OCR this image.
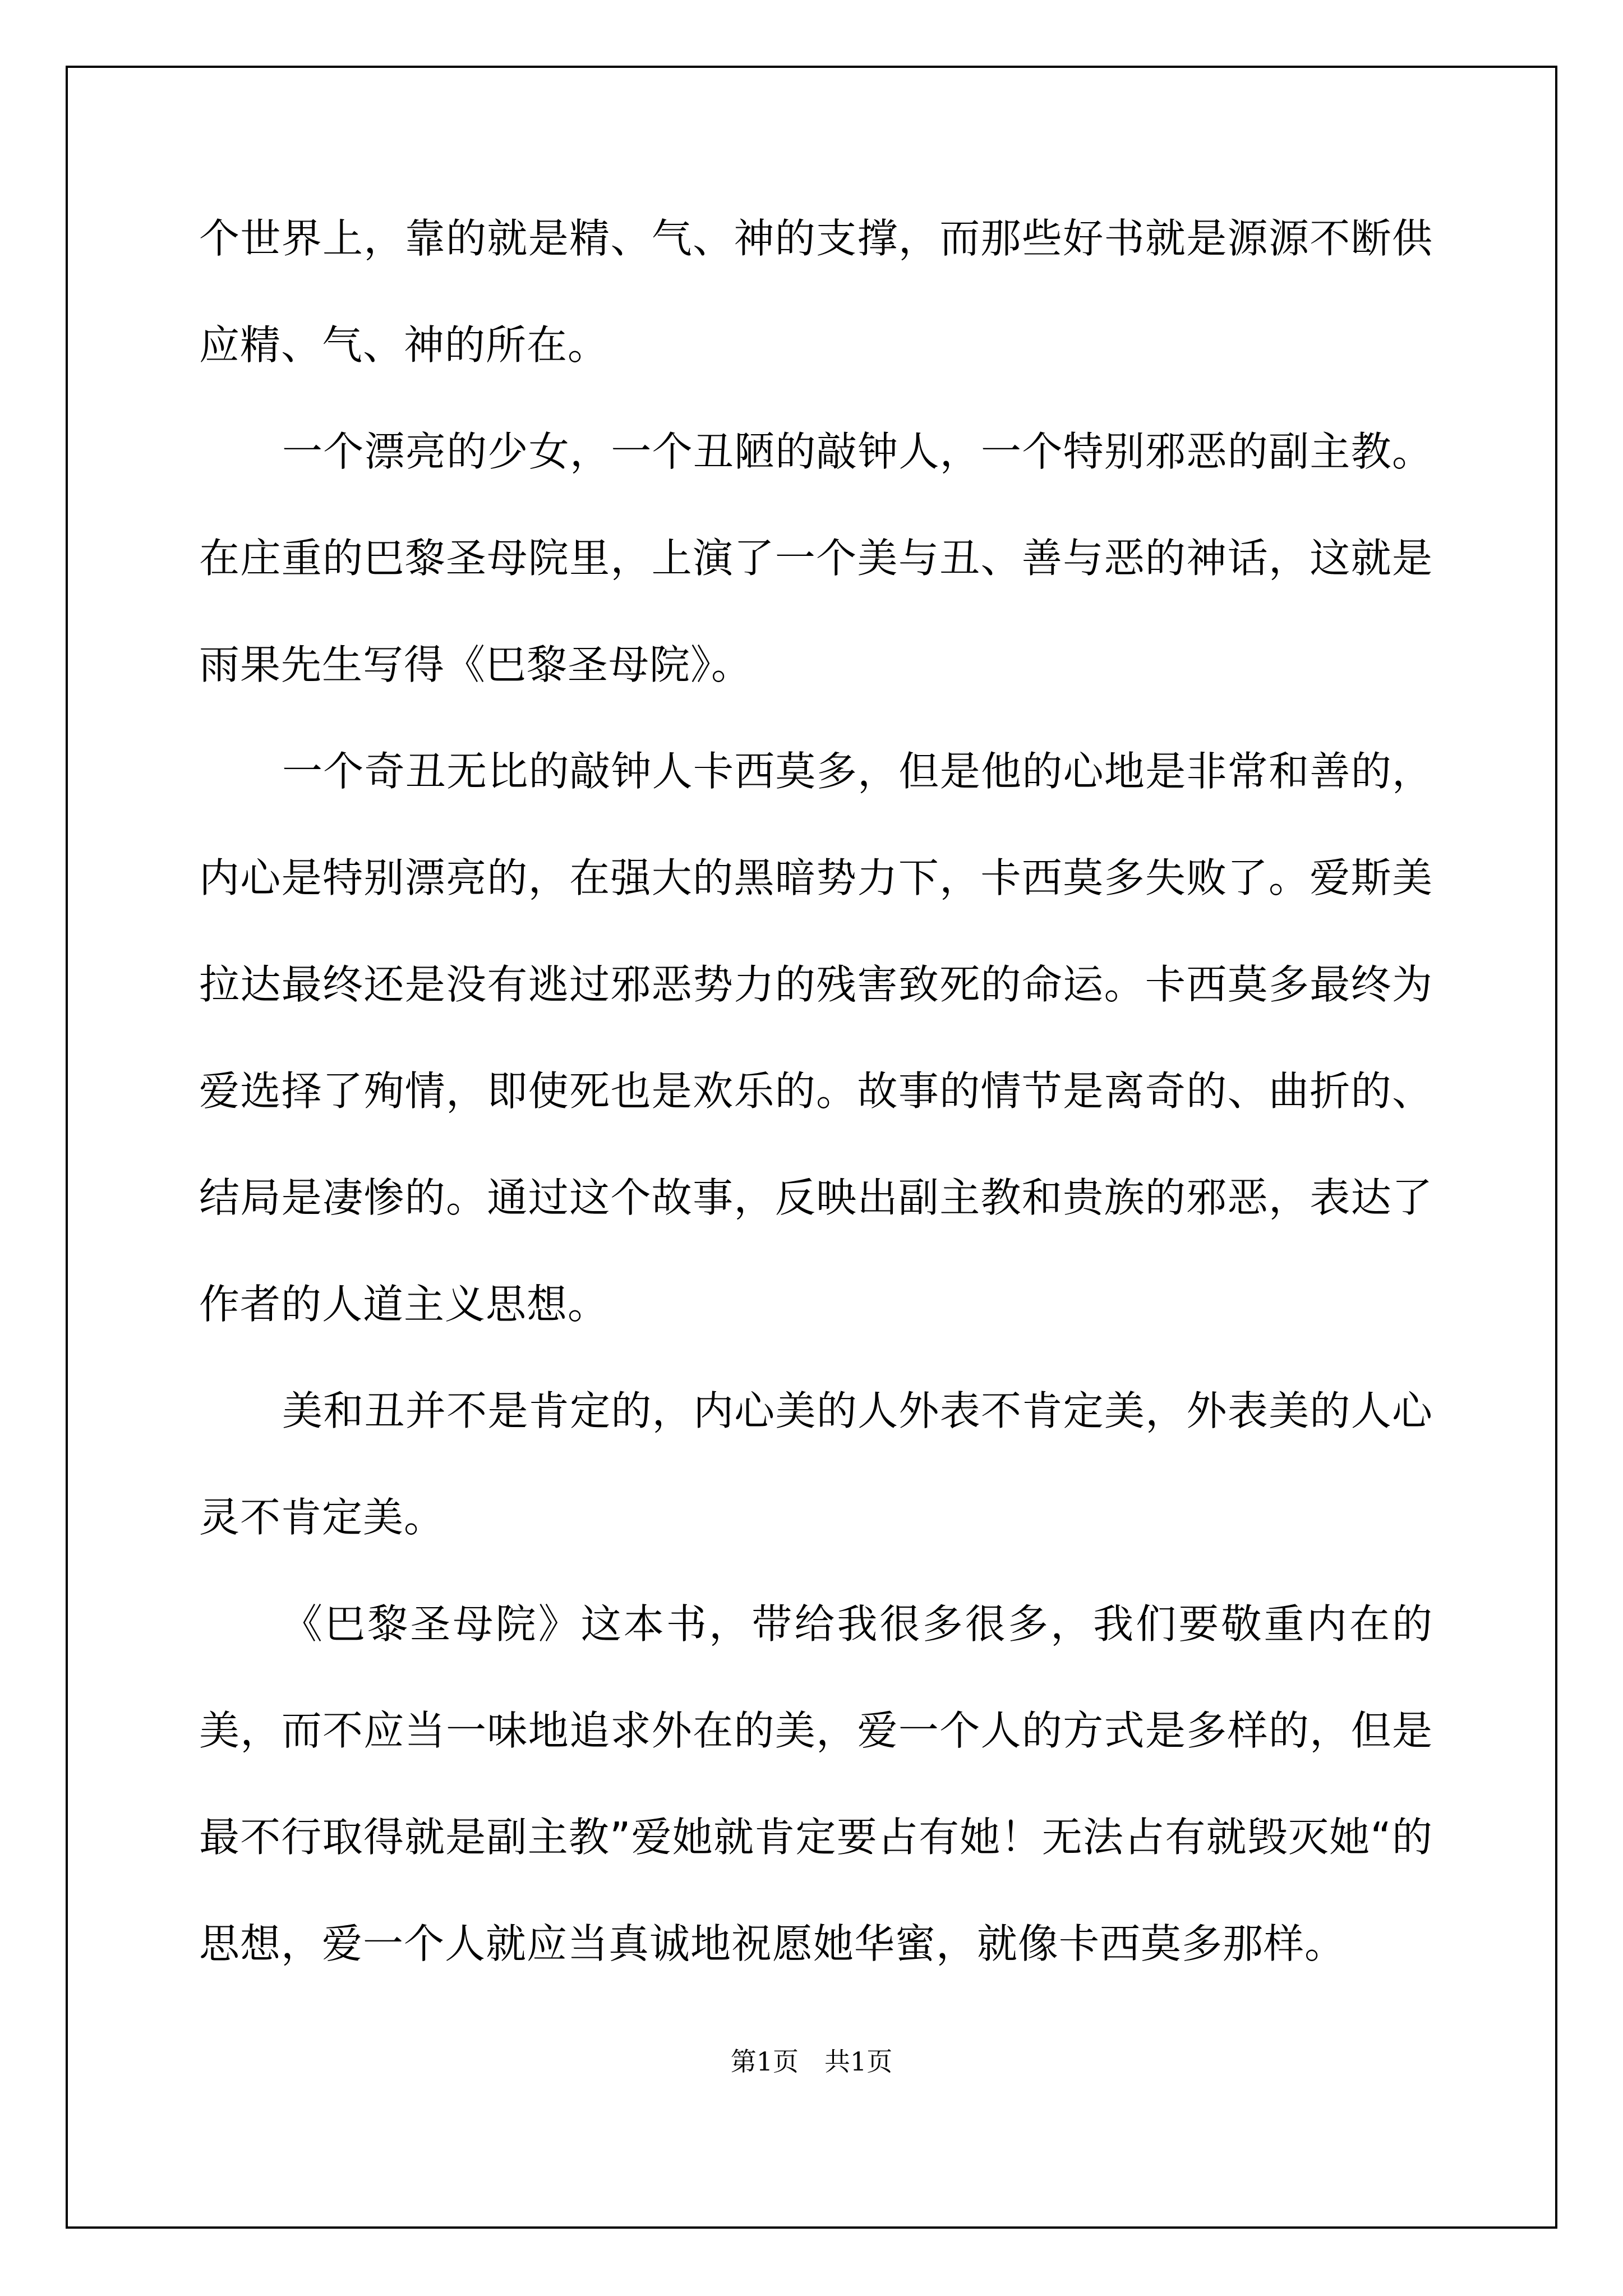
个世界上，靠的就是精、气、神的支撑，而那些好书就是源源不断供应精、气、神的所在。

一个漂亮的少女，一个丑陋的敲钟人，一个特别邪恶的副主教。在庄重的巴黎圣母院里，上演了一个美与丑、善与恶的神话，这就是雨果先生写得《巴黎圣母院》。

一个奇丑无比的敲钟人卡西莫多，但是他的心地是非常和善的，内心是特别漂亮的，在强大的黑暗势力下，卡西莫多失败了。爱斯美拉达最终还是没有逃过邪恶势力的残害致死的命运。卡西莫多最终为爱选择了殉情，即使死也是欢乐的。故事的情节是离奇的、曲折的、结局是凄惨的。通过这个故事，反映出副主教和贵族的邪恶，表达了作者的人道主义思想。

美和丑并不是肯定的，内心美的人外表不肯定美，外表美的人心灵不肯定美。

《巴黎圣母院》这本书，带给我很多很多，我们要敬重内在的美，而不应当一味地追求外在的美，爱一个人的方式是多样的，但是最不行取得就是副主教”爱她就肯定要占有她！无法占有就毁灭她“的思想，爱一个人就应当真诚地祝愿她华蜜，就像卡西莫多那样。

第1页　共1页
